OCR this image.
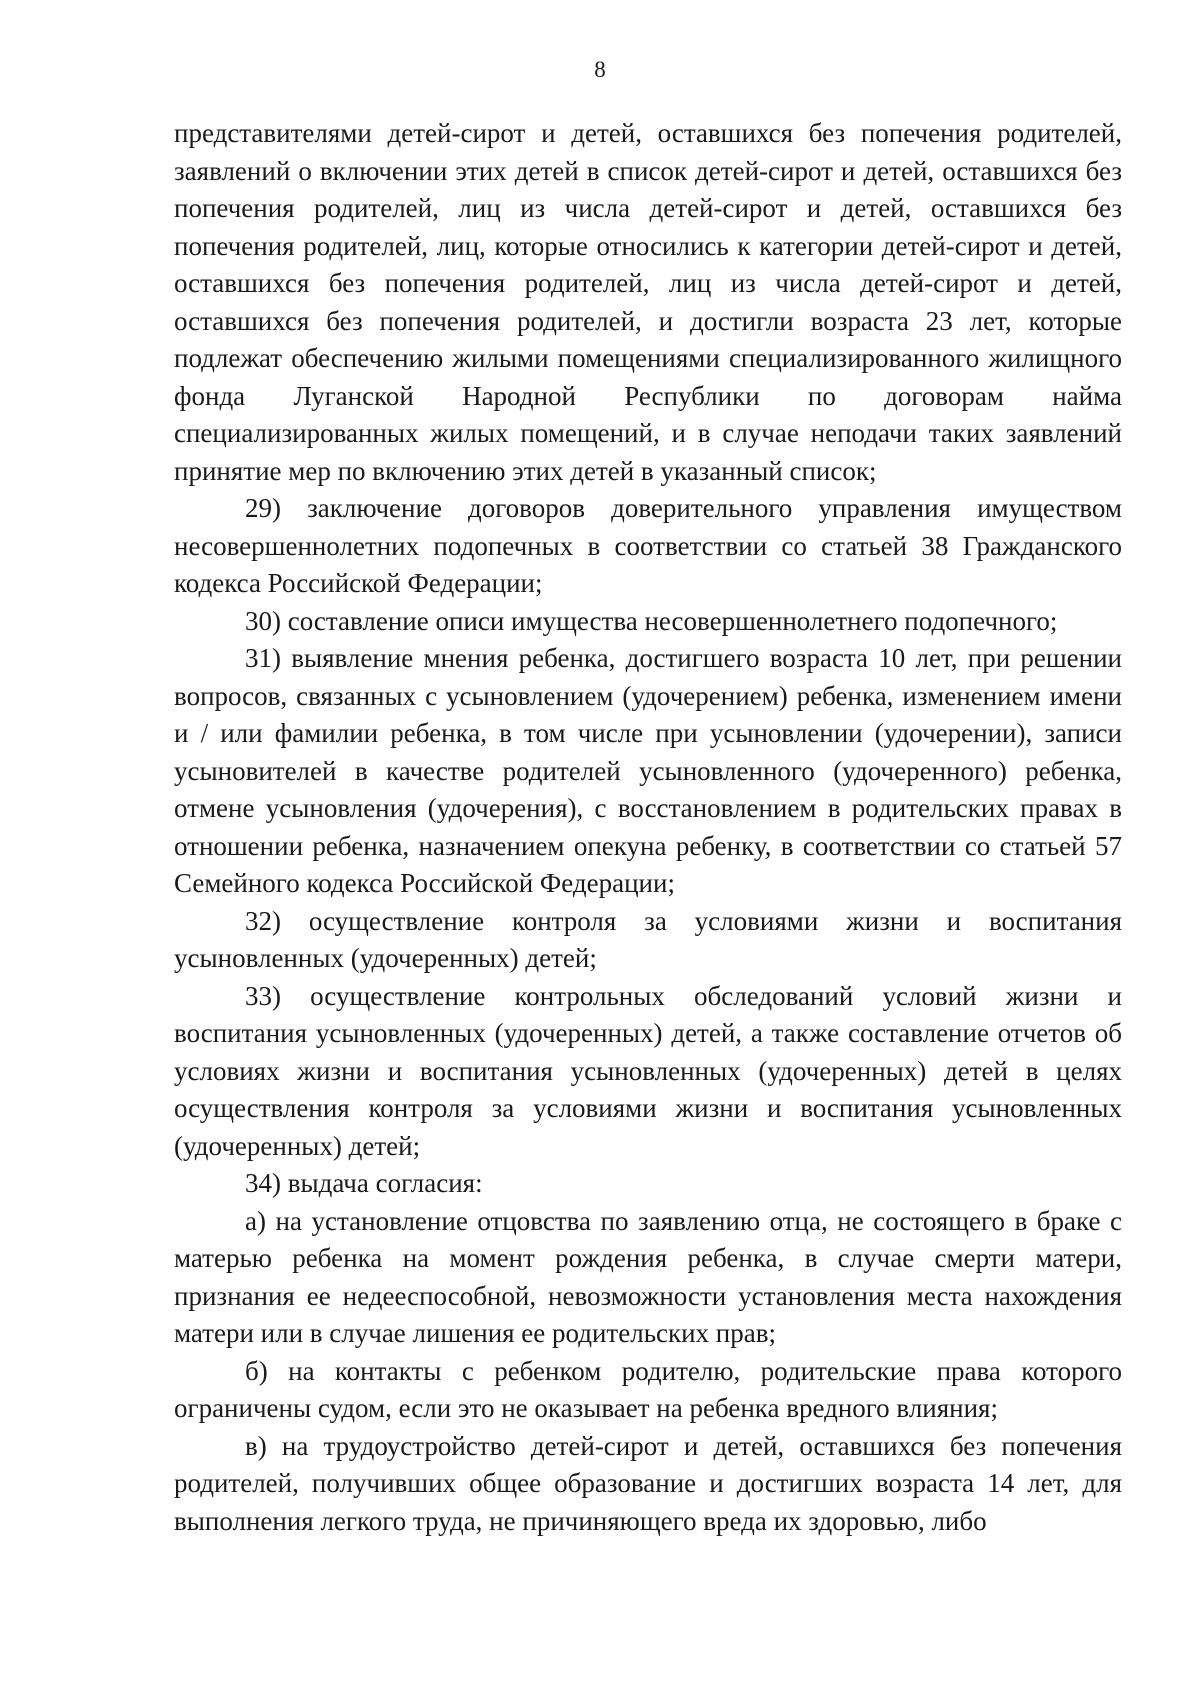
8

представителями детей-сирот и детей, оставшихся без попечения родителей, заявлений о включении этих детей в список детей-сирот и детей, оставшихся без попечения родителей, лиц из числа детей-сирот и детей, оставшихся без попечения родителей, лиц, которые относились к категории детей-сирот и детей, оставшихся без попечения родителей, лиц из числа детей-сирот и детей, оставшихся без попечения родителей, и достигли возраста 23 лет, которые подлежат обеспечению жилыми помещениями специализированного жилищного фонда Луганской Народной Республики по договорам найма специализированных жилых помещений, и в случае неподачи таких заявлений принятие мер по включению этих детей в указанный список;

29) заключение договоров доверительного управления имуществом несовершеннолетних подопечных в соответствии со статьей 38 Гражданского кодекса Российской Федерации;

30) составление описи имущества несовершеннолетнего подопечного;

31) выявление мнения ребенка, достигшего возраста 10 лет, при решении вопросов, связанных с усыновлением (удочерением) ребенка, изменением имени и / или фамилии ребенка, в том числе при усыновлении (удочерении), записи усыновителей в качестве родителей усыновленного (удочеренного) ребенка, отмене усыновления (удочерения), с восстановлением в родительских правах в отношении ребенка, назначением опекуна ребенку, в соответствии со статьей 57 Семейного кодекса Российской Федерации;

32) осуществление контроля за условиями жизни и воспитания усыновленных (удочеренных) детей;

33) осуществление контрольных обследований условий жизни и воспитания усыновленных (удочеренных) детей, а также составление отчетов об условиях жизни и воспитания усыновленных (удочеренных) детей в целях осуществления контроля за условиями жизни и воспитания усыновленных (удочеренных) детей;

34) выдача согласия:

а) на установление отцовства по заявлению отца, не состоящего в браке с матерью ребенка на момент рождения ребенка, в случае смерти матери, признания ее недееспособной, невозможности установления места нахождения матери или в случае лишения ее родительских прав;

б) на контакты с ребенком родителю, родительские права которого ограничены судом, если это не оказывает на ребенка вредного влияния;

в) на трудоустройство детей-сирот и детей, оставшихся без попечения родителей, получивших общее образование и достигших возраста 14 лет, для выполнения легкого труда, не причиняющего вреда их здоровью, либо
